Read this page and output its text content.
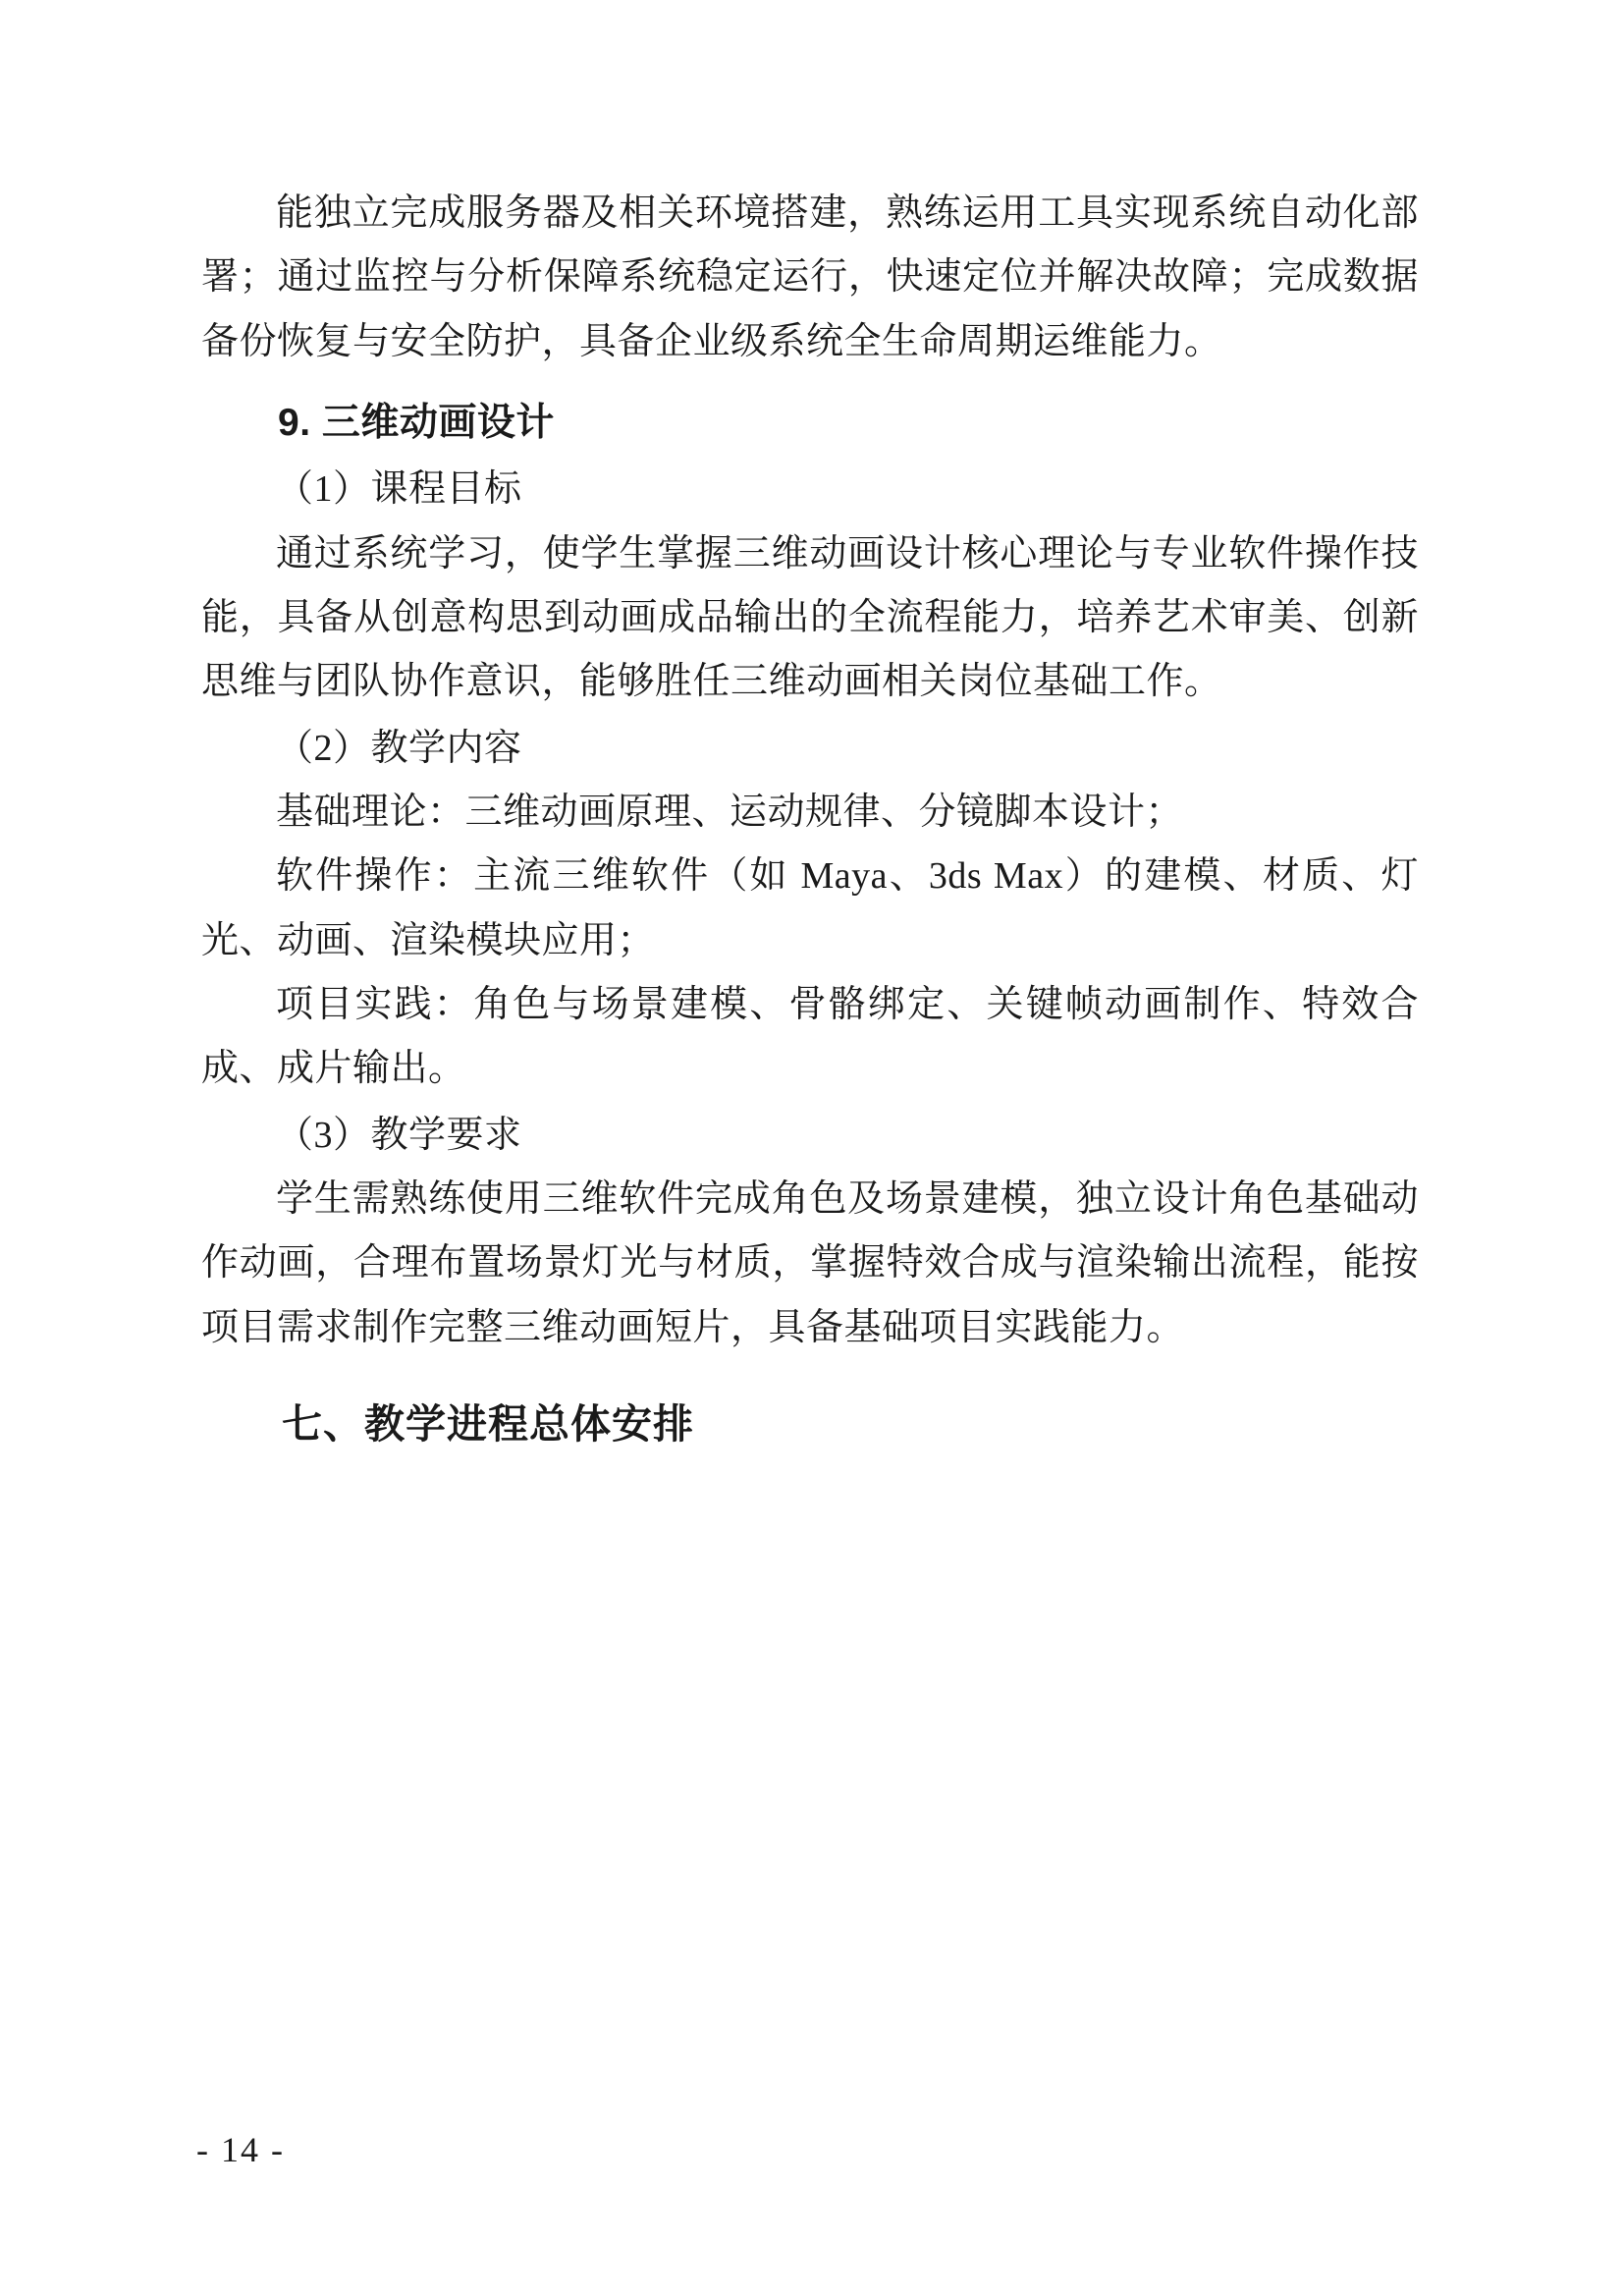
能独立完成服务器及相关环境搭建，熟练运用工具实现系统自动化部署；通过监控与分析保障系统稳定运行，快速定位并解决故障；完成数据备份恢复与安全防护，具备企业级系统全生命周期运维能力。

9. 三维动画设计
（1）课程目标

通过系统学习，使学生掌握三维动画设计核心理论与专业软件操作技能，具备从创意构思到动画成品输出的全流程能力，培养艺术审美、创新思维与团队协作意识，能够胜任三维动画相关岗位基础工作。

（2）教学内容

基础理论：三维动画原理、运动规律、分镜脚本设计；

软件操作：主流三维软件（如 Maya、3ds Max）的建模、材质、灯光、动画、渲染模块应用；

项目实践：角色与场景建模、骨骼绑定、关键帧动画制作、特效合成、成片输出。

（3）教学要求

学生需熟练使用三维软件完成角色及场景建模，独立设计角色基础动作动画，合理布置场景灯光与材质，掌握特效合成与渲染输出流程，能按项目需求制作完整三维动画短片，具备基础项目实践能力。

七、教学进程总体安排
- 14 -
